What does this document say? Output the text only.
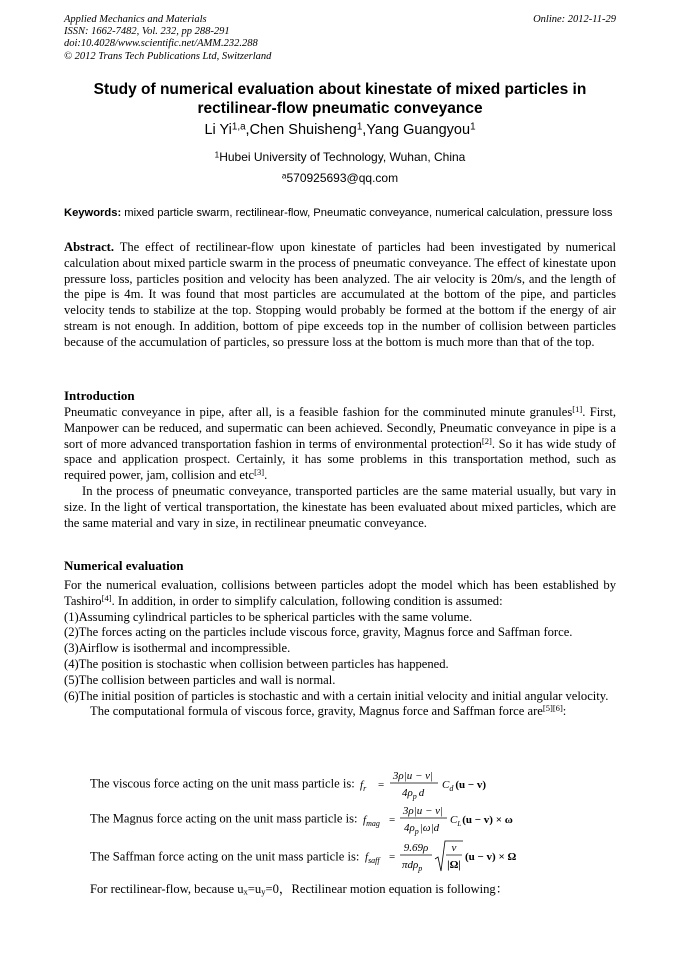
Applied Mechanics and Materials
ISSN: 1662-7482, Vol. 232, pp 288-291
doi:10.4028/www.scientific.net/AMM.232.288
© 2012 Trans Tech Publications Ltd, Switzerland
Online: 2012-11-29
Study of numerical evaluation about kinestate of mixed particles in rectilinear-flow pneumatic conveyance
Li Yi$^{1,a}$,Chen Shuisheng$^1$,Yang Guangyou$^1$
$^1$Hubei University of Technology, Wuhan, China
$^a$570925693@qq.com
Keywords: mixed particle swarm, rectilinear-flow, Pneumatic conveyance, numerical calculation, pressure loss
Abstract. The effect of rectilinear-flow upon kinestate of particles had been investigated by numerical calculation about mixed particle swarm in the process of pneumatic conveyance. The effect of kinestate upon pressure loss, particles position and velocity has been analyzed. The air velocity is 20m/s, and the length of the pipe is 4m. It was found that most particles are accumulated at the bottom of the pipe, and particles velocity tends to stabilize at the top. Stopping would probably be formed at the bottom if the energy of air stream is not enough. In addition, bottom of pipe exceeds top in the number of collision between particles because of the accumulation of particles, so pressure loss at the bottom is much more than that of the top.
Introduction

Pneumatic conveyance in pipe, after all, is a feasible fashion for the comminuted minute granules[1]. First, Manpower can be reduced, and supermatic can been achieved. Secondly, Pneumatic conveyance in pipe is a sort of more advanced transportation fashion in terms of environmental protection[2]. So it has wide study of space and application prospect. Certainly, it has some problems in this transportation method, such as required power, jam, collision and etc[3].

In the process of pneumatic conveyance, transported particles are the same material usually, but vary in size. In the light of vertical transportation, the kinestate has been evaluated about mixed particles, which are the same material and vary in size, in rectilinear pneumatic conveyance.

Numerical evaluation

For the numerical evaluation, collisions between particles adopt the model which has been established by Tashiro[4]. In addition, in order to simplify calculation, following condition is assumed:

(1)Assuming cylindrical particles to be spherical particles with the same volume.

(2)The forces acting on the particles include viscous force, gravity, Magnus force and Saffman force.

(3)Airflow is isothermal and incompressible.

(4)The position is stochastic when collision between particles has happened.

(5)The collision between particles and wall is normal.

(6)The initial position of particles is stochastic and with a certain initial velocity and initial angular velocity.

The computational formula of viscous force, gravity, Magnus force and Saffman force are[5][6]:

The viscous force acting on the unit mass particle is: $f_r$ =
3ρ|u − v|
$4\rho_p$ d
$C_d$ (u − v)
The Magnus force acting on the unit mass particle is: $f_{mag}$ =
3ρ|u − v|
$4\rho_p|\omega|d$
$C_L(u - v) \times \omega$
The Saffman force acting on the unit mass particle is: $f_{saff}$ =
9.69ρ
πdρ$_p$
ν
|Ω|
(u − v) × Ω
For rectilinear-flow, because $u_x=u_y=0$，Rectilinear motion equation is following：
